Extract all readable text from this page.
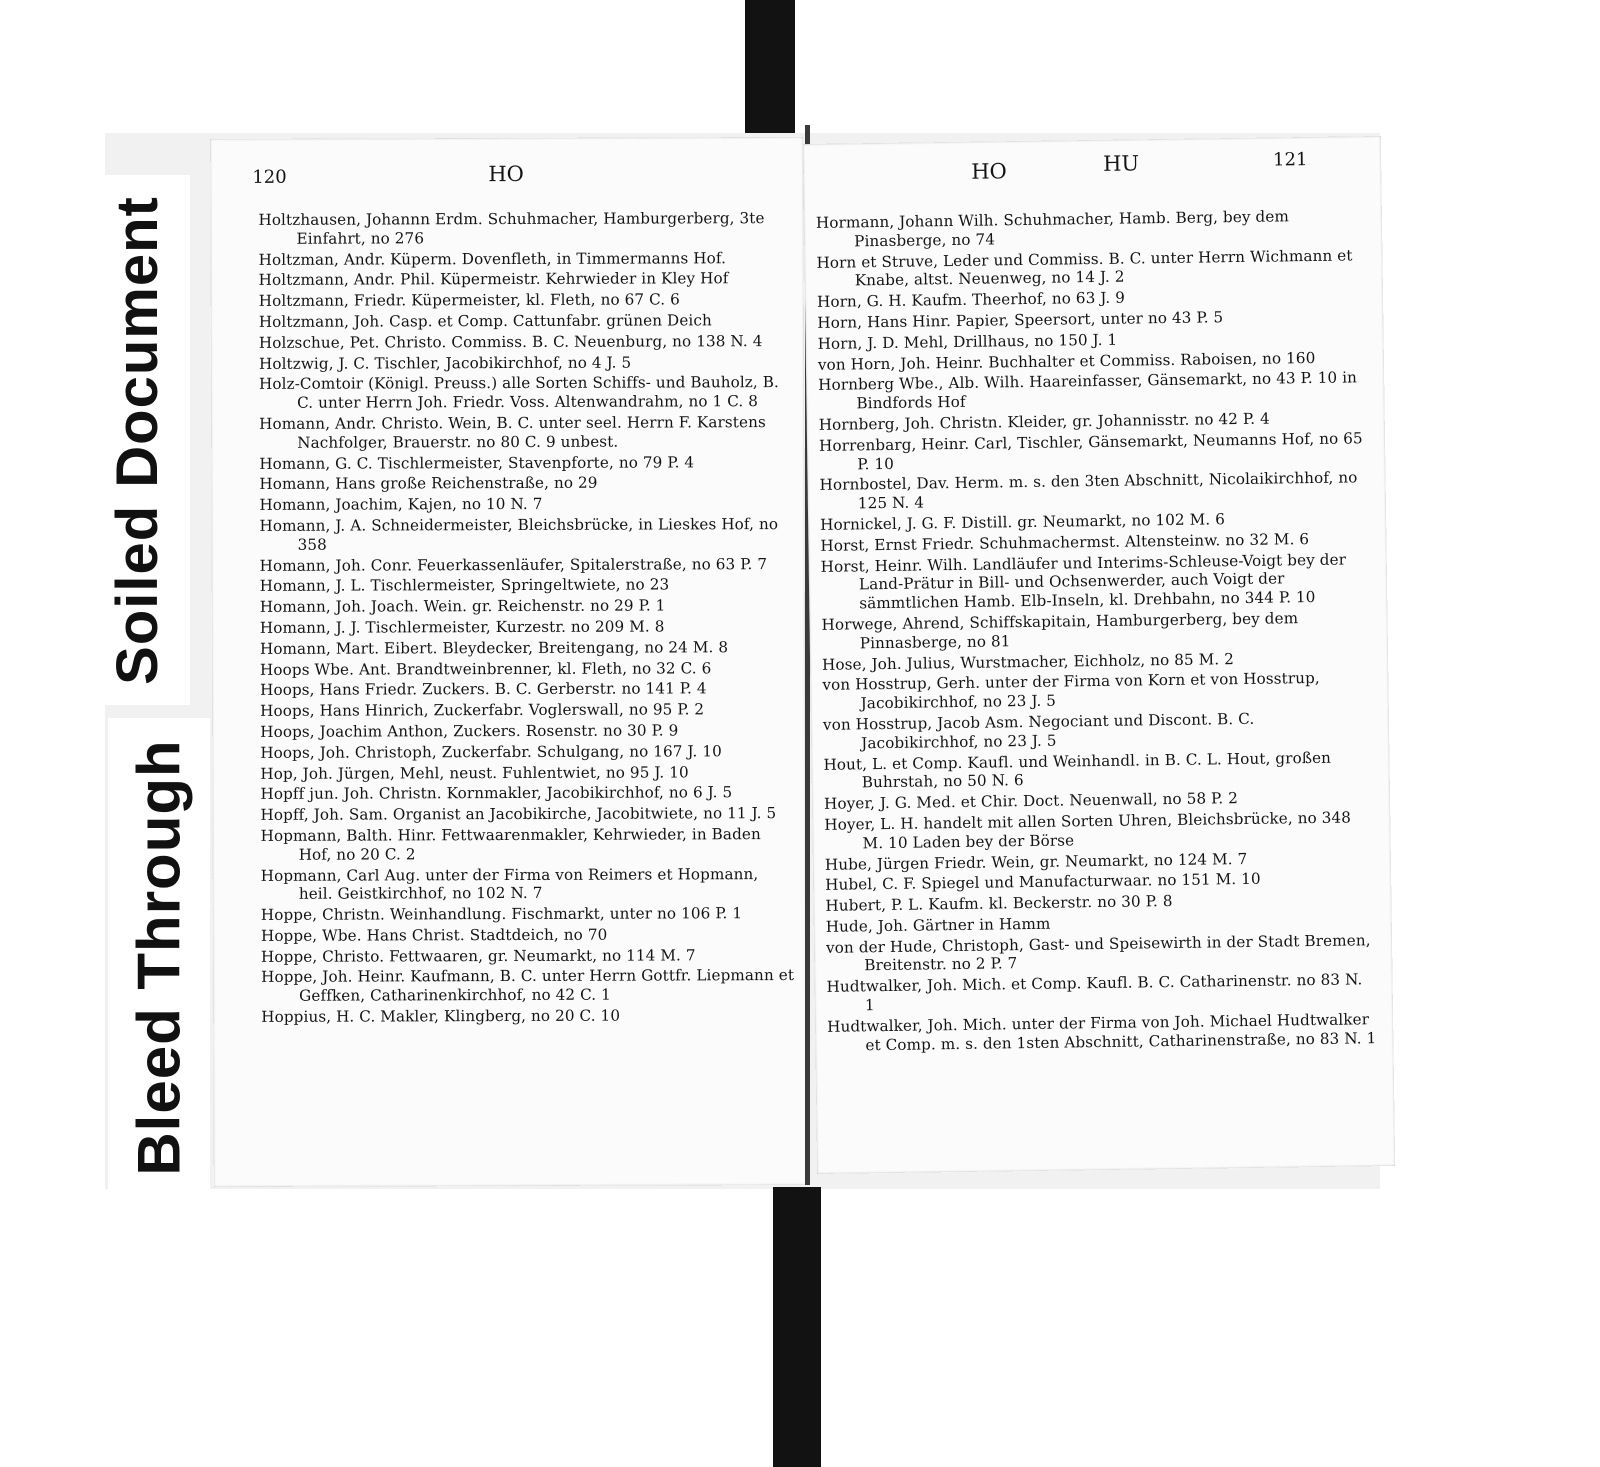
Soiled Document
Bleed Through
120	HO
Holtzhausen, Johannn Erdm. Schuhmacher, Hamburgerberg, 3te Einfahrt, no 276
Holtzman, Andr. Küperm. Dovenfleth, in Timmermanns Hof.
Holtzmann, Andr. Phil. Küpermeistr. Kehrwieder in Kley Hof
Holtzmann, Friedr. Küpermeister, kl. Fleth, no 67 C. 6
Holtzmann, Joh. Casp. et Comp. Cattunfabr. grünen Deich
Holzschue, Pet. Christo. Commiss. B. C. Neuenburg, no 138 N. 4
Holtzwig, J. C. Tischler, Jacobikirchhof, no 4 J. 5
Holz-Comtoir (Königl. Preuss.) alle Sorten Schiffs- und Bauholz, B. C. unter Herrn Joh. Friedr. Voss. Altenwandrahm, no 1 C. 8
Homann, Andr. Christo. Wein, B. C. unter seel. Herrn F. Karstens Nachfolger, Brauerstr. no 80 C. 9 unbest.
Homann, G. C. Tischlermeister, Stavenpforte, no 79 P. 4
Homann, Hans große Reichenstraße, no 29
Homann, Joachim, Kajen, no 10 N. 7
Homann, J. A. Schneidermeister, Bleichsbrücke, in Lieskes Hof, no 358
Homann, Joh. Conr. Feuerkassenläufer, Spitalerstraße, no 63 P. 7
Homann, J. L. Tischlermeister, Springeltwiete, no 23
Homann, Joh. Joach. Wein. gr. Reichenstr. no 29 P. 1
Homann, J. J. Tischlermeister, Kurzestr. no 209 M. 8
Homann, Mart. Eibert. Bleydecker, Breitengang, no 24 M. 8
Hoops Wbe. Ant. Brandtweinbrenner, kl. Fleth, no 32 C. 6
Hoops, Hans Friedr. Zuckers. B. C. Gerberstr. no 141 P. 4
Hoops, Hans Hinrich, Zuckerfabr. Voglerswall, no 95 P. 2
Hoops, Joachim Anthon, Zuckers. Rosenstr. no 30 P. 9
Hoops, Joh. Christoph, Zuckerfabr. Schulgang, no 167 J. 10
Hop, Joh. Jürgen, Mehl, neust. Fuhlentwiet, no 95 J. 10
Hopff jun. Joh. Christn. Kornmakler, Jacobikirchhof, no 6 J. 5
Hopff, Joh. Sam. Organist an Jacobikirche, Jacobitwiete, no 11 J. 5
Hopmann, Balth. Hinr. Fettwaarenmakler, Kehrwieder, in Baden Hof, no 20 C. 2
Hopmann, Carl Aug. unter der Firma von Reimers et Hopmann, heil. Geistkirchhof, no 102 N. 7
Hoppe, Christn. Weinhandlung. Fischmarkt, unter no 106 P. 1
Hoppe, Wbe. Hans Christ. Stadtdeich, no 70
Hoppe, Christo. Fettwaaren, gr. Neumarkt, no 114 M. 7
Hoppe, Joh. Heinr. Kaufmann, B. C. unter Herrn Gottfr. Liepmann et Geffken, Catharinenkirchhof, no 42 C. 1
Hoppius, H. C. Makler, Klingberg, no 20 C. 10
HO	HU	121
Hormann, Johann Wilh. Schuhmacher, Hamb. Berg, bey dem Pinasberge, no 74
Horn et Struve, Leder und Commiss. B. C. unter Herrn Wichmann et Knabe, altst. Neuenweg, no 14 J. 2
Horn, G. H. Kaufm. Theerhof, no 63 J. 9
Horn, Hans Hinr. Papier, Speersort, unter no 43 P. 5
Horn, J. D. Mehl, Drillhaus, no 150 J. 1
von Horn, Joh. Heinr. Buchhalter et Commiss. Raboisen, no 160
Hornberg Wbe., Alb. Wilh. Haareinfasser, Gänsemarkt, no 43 P. 10 in Bindfords Hof
Hornberg, Joh. Christn. Kleider, gr. Johannisstr. no 42 P. 4
Horrenbarg, Heinr. Carl, Tischler, Gänsemarkt, Neumanns Hof, no 65 P. 10
Hornbostel, Dav. Herm. m. s. den 3ten Abschnitt, Nicolaikirchhof, no 125 N. 4
Hornickel, J. G. F. Distill. gr. Neumarkt, no 102 M. 6
Horst, Ernst Friedr. Schuhmachermst. Altensteinw. no 32 M. 6
Horst, Heinr. Wilh. Landläufer und Interims-Schleuse-Voigt bey der Land-Prätur in Bill- und Ochsenwerder, auch Voigt der sämmtlichen Hamb. Elb-Inseln, kl. Drehbahn, no 344 P. 10
Horwege, Ahrend, Schiffskapitain, Hamburgerberg, bey dem Pinnasberge, no 81
Hose, Joh. Julius, Wurstmacher, Eichholz, no 85 M. 2
von Hosstrup, Gerh. unter der Firma von Korn et von Hosstrup, Jacobikirchhof, no 23 J. 5
von Hosstrup, Jacob Asm. Negociant und Discont. B. C. Jacobikirchhof, no 23 J. 5
Hout, L. et Comp. Kaufl. und Weinhandl. in B. C. L. Hout, großen Buhrstah, no 50 N. 6
Hoyer, J. G. Med. et Chir. Doct. Neuenwall, no 58 P. 2
Hoyer, L. H. handelt mit allen Sorten Uhren, Bleichsbrücke, no 348 M. 10 Laden bey der Börse
Hube, Jürgen Friedr. Wein, gr. Neumarkt, no 124 M. 7
Hubel, C. F. Spiegel und Manufacturwaar. no 151 M. 10
Hubert, P. L. Kaufm. kl. Beckerstr. no 30 P. 8
Hude, Joh. Gärtner in Hamm
von der Hude, Christoph, Gast- und Speisewirth in der Stadt Bremen, Breitenstr. no 2 P. 7
Hudtwalker, Joh. Mich. et Comp. Kaufl. B. C. Catharinenstr. no 83 N. 1
Hudtwalker, Joh. Mich. unter der Firma von Joh. Michael Hudtwalker et Comp. m. s. den 1sten Abschnitt, Catharinenstraße, no 83 N. 1
